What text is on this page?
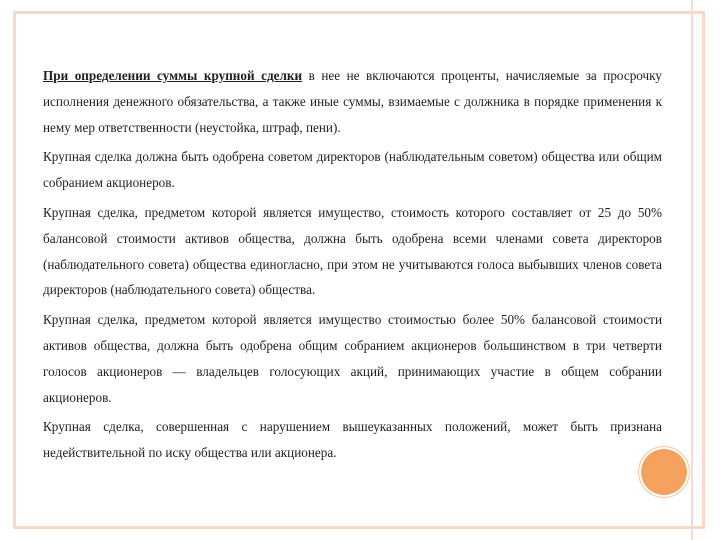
При определении суммы крупной сделки в нее не включаются проценты, начисляемые за просрочку исполнения денежного обязательства, а также иные суммы, взимаемые с должника в порядке применения к нему мер ответственности (неустойка, штраф, пени).

Крупная сделка должна быть одобрена советом директоров (наблюдательным советом) общества или общим собранием акционеров.

Крупная сделка, предметом которой является имущество, стоимость которого составляет от 25 до 50% балансовой стоимости активов общества, должна быть одобрена всеми членами совета директоров (наблюдательного совета) общества единогласно, при этом не учитываются голоса выбывших членов совета директоров (наблюдательного совета) общества.

Крупная сделка, предметом которой является имущество стоимостью более 50% балансовой стоимости активов общества, должна быть одобрена общим собранием акционеров большинством в три четверти голосов акционеров — владельцев голосующих акций, принимающих участие в общем собрании акционеров.

Крупная сделка, совершенная с нарушением вышеуказанных положений, может быть признана недействительной по иску общества или акционера.
